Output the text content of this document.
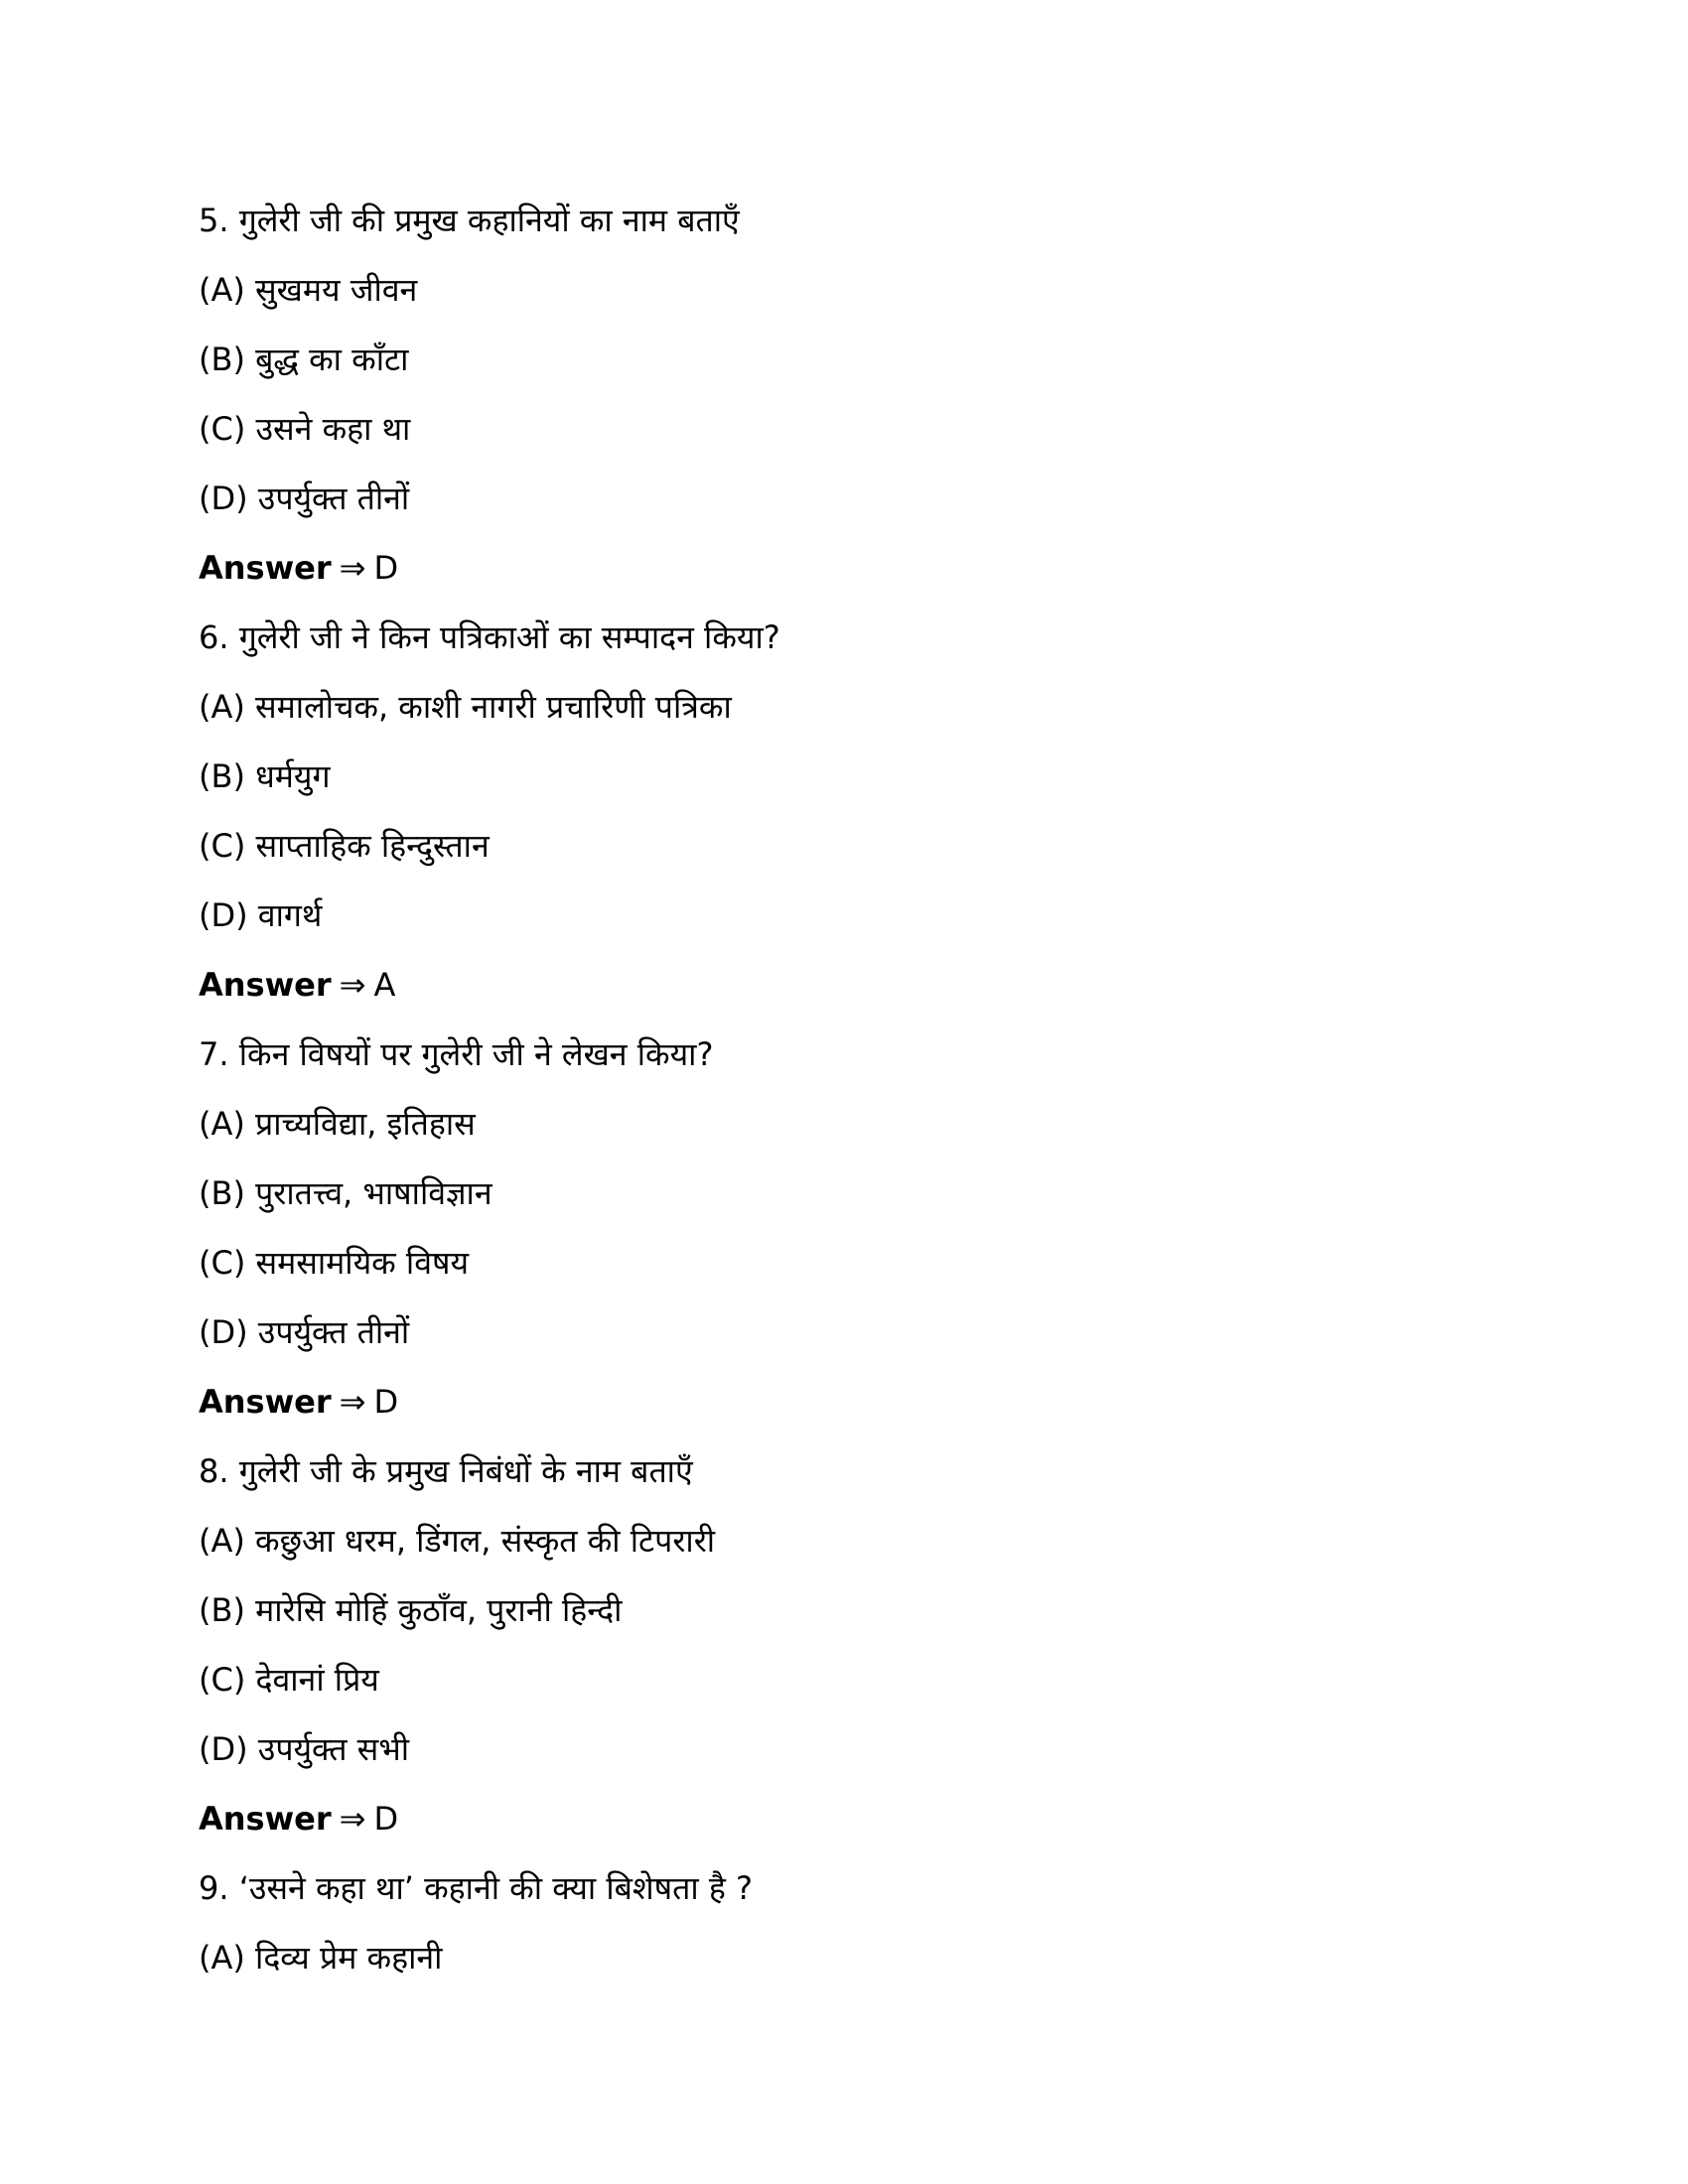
5. गुलेरी जी की प्रमुख कहानियों का नाम बताएँ
(A) सुखमय जीवन
(B) बुद्ध का काँटा
(C) उसने कहा था
(D) उपर्युक्त तीनों
Answer ⇒ D
6. गुलेरी जी ने किन पत्रिकाओं का सम्पादन किया?
(A) समालोचक, काशी नागरी प्रचारिणी पत्रिका
(B) धर्मयुग
(C) साप्ताहिक हिन्दुस्तान
(D) वागर्थ
Answer ⇒ A
7. किन विषयों पर गुलेरी जी ने लेखन किया?
(A) प्राच्यविद्या, इतिहास
(B) पुरातत्त्व, भाषाविज्ञान
(C) समसामयिक विषय
(D) उपर्युक्त तीनों
Answer ⇒ D
8. गुलेरी जी के प्रमुख निबंधों के नाम बताएँ
(A) कछुआ धरम, डिंगल, संस्कृत की टिपरारी
(B) मारेसि मोहिं कुठाँव, पुरानी हिन्दी
(C) देवानां प्रिय
(D) उपर्युक्त सभी
Answer ⇒ D
9. ‘उसने कहा था’ कहानी की क्या बिशेषता है ?
(A) दिव्य प्रेम कहानी
